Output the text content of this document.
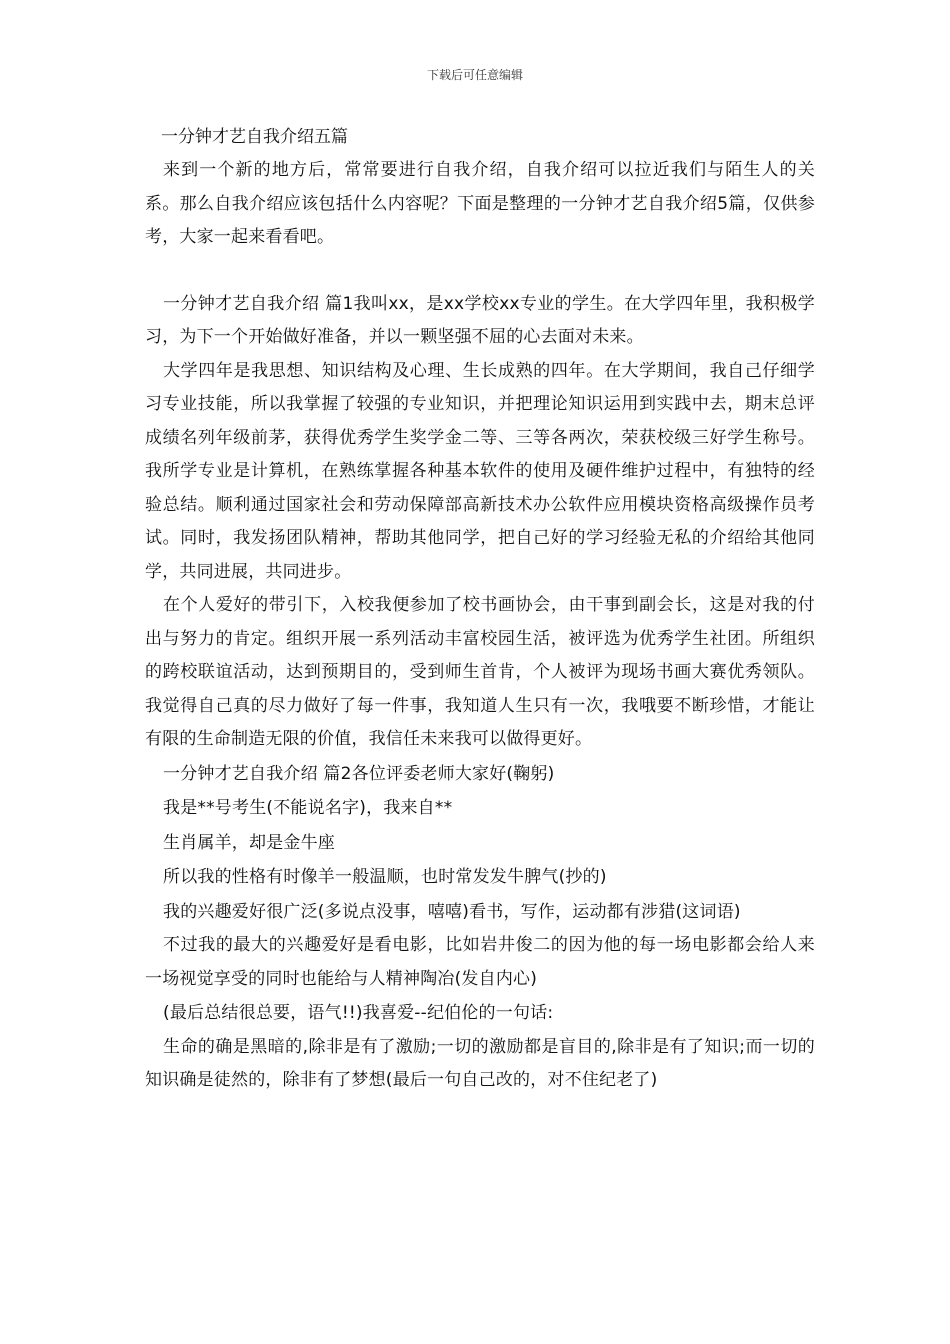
下载后可任意编辑
一分钟才艺自我介绍五篇

来到一个新的地方后，常常要进行自我介绍，自我介绍可以拉近我们与陌生人的关系。那么自我介绍应该包括什么内容呢？下面是整理的一分钟才艺自我介绍5篇，仅供参考，大家一起来看看吧。

一分钟才艺自我介绍 篇1我叫xx，是xx学校xx专业的学生。在大学四年里，我积极学习，为下一个开始做好准备，并以一颗坚强不屈的心去面对未来。

大学四年是我思想、知识结构及心理、生长成熟的四年。在大学期间，我自己仔细学习专业技能，所以我掌握了较强的专业知识，并把理论知识运用到实践中去，期末总评成绩名列年级前茅，获得优秀学生奖学金二等、三等各两次，荣获校级三好学生称号。我所学专业是计算机，在熟练掌握各种基本软件的使用及硬件维护过程中，有独特的经验总结。顺利通过国家社会和劳动保障部高新技术办公软件应用模块资格高级操作员考试。同时，我发扬团队精神，帮助其他同学，把自己好的学习经验无私的介绍给其他同学，共同进展，共同进步。

在个人爱好的带引下，入校我便参加了校书画协会，由干事到副会长，这是对我的付出与努力的肯定。组织开展一系列活动丰富校园生活，被评选为优秀学生社团。所组织的跨校联谊活动，达到预期目的，受到师生首肯，个人被评为现场书画大赛优秀领队。我觉得自己真的尽力做好了每一件事，我知道人生只有一次，我哦要不断珍惜，才能让有限的生命制造无限的价值，我信任未来我可以做得更好。

一分钟才艺自我介绍 篇2各位评委老师大家好(鞠躬)

我是**号考生(不能说名字)，我来自**

生肖属羊，却是金牛座

所以我的性格有时像羊一般温顺，也时常发发牛脾气(抄的)

我的兴趣爱好很广泛(多说点没事，嘻嘻)看书，写作，运动都有涉猎(这词语)

不过我的最大的兴趣爱好是看电影，比如岩井俊二的因为他的每一场电影都会给人来一场视觉享受的同时也能给与人精神陶冶(发自内心)

(最后总结很总要，语气!!)我喜爱--纪伯伦的一句话:

生命的确是黑暗的,除非是有了激励;一切的激励都是盲目的,除非是有了知识;而一切的知识确是徒然的，除非有了梦想(最后一句自己改的，对不住纪老了)
